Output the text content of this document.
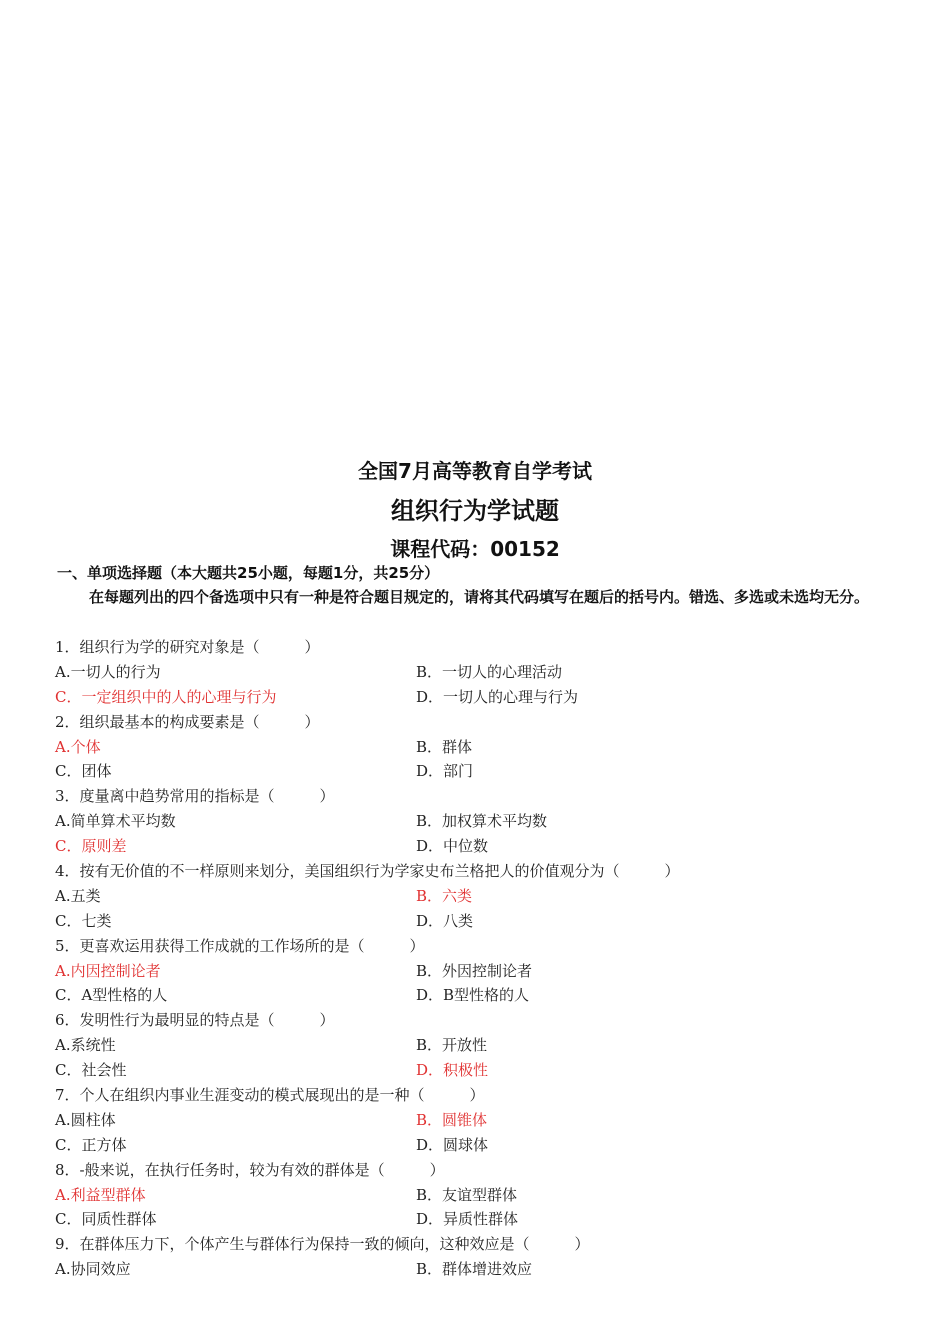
全国7月高等教育自学考试
组织行为学试题
课程代码：00152
一、单项选择题（本大题共25小题，每题1分，共25分）
在每题列出的四个备选项中只有一种是符合题目规定的，请将其代码填写在题后的括号内。错选、多选或未选均无分。
1．组织行为学的研究对象是（　　　）
A.一切人的行为	B．一切人的心理活动
C．一定组织中的人的心理与行为	D．一切人的心理与行为
2．组织最基本的构成要素是（　　　）
A.个体	B．群体
C．团体	D．部门
3．度量离中趋势常用的指标是（　　　）
A.简单算术平均数	B．加权算术平均数
C．原则差	D．中位数
4．按有无价值的不一样原则来划分，美国组织行为学家史布兰格把人的价值观分为（　　　）
A.五类	B．六类
C．七类	D．八类
5．更喜欢运用获得工作成就的工作场所的是（　　　）
A.内因控制论者	B．外因控制论者
C．A型性格的人	D．B型性格的人
6．发明性行为最明显的特点是（　　　）
A.系统性	B．开放性
C．社会性	D．积极性
7．个人在组织内事业生涯变动的模式展现出的是一种（　　　）
A.圆柱体	B．圆锥体
C．正方体	D．圆球体
8．-般来说，在执行任务时，较为有效的群体是（　　　）
A.利益型群体	B．友谊型群体
C．同质性群体	D．异质性群体
9．在群体压力下，个体产生与群体行为保持一致的倾向，这种效应是（　　　）
A.协同效应	B．群体增进效应
